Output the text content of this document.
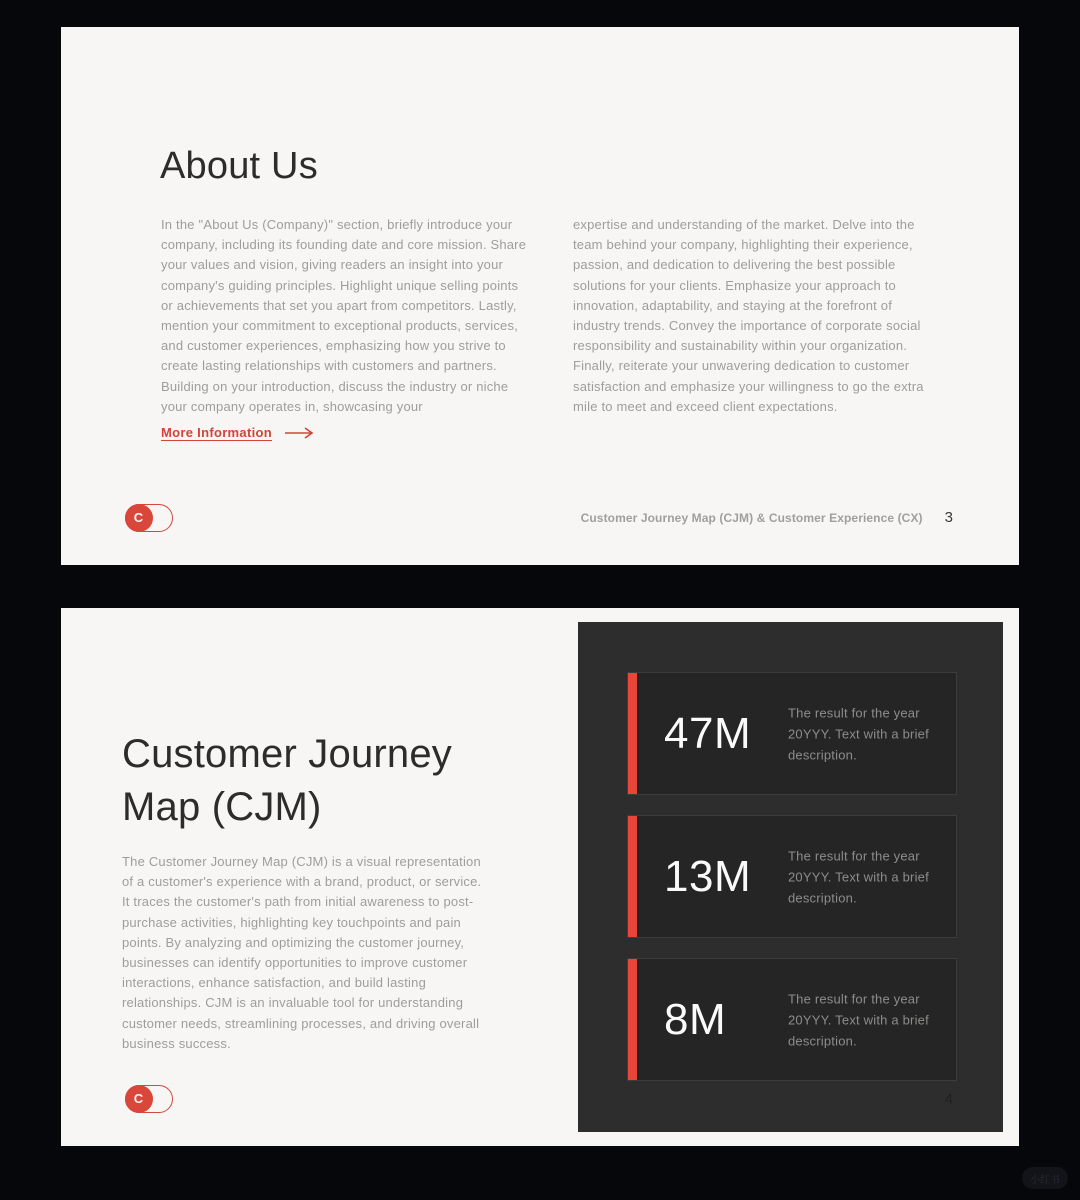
About Us

In the "About Us (Company)" section, briefly introduce your company, including its founding date and core mission. Share your values and vision, giving readers an insight into your company's guiding principles. Highlight unique selling points or achievements that set you apart from competitors. Lastly, mention your commitment to exceptional products, services, and customer experiences, emphasizing how you strive to create lasting relationships with customers and partners. Building on your introduction, discuss the industry or niche your company operates in, showcasing your

expertise and understanding of the market. Delve into the team behind your company, highlighting their experience, passion, and dedication to delivering the best possible solutions for your clients. Emphasize your approach to innovation, adaptability, and staying at the forefront of industry trends. Convey the importance of corporate social responsibility and sustainability within your organization. Finally, reiterate your unwavering dedication to customer satisfaction and emphasize your willingness to go the extra mile to meet and exceed client expectations.

More Information
C	Customer Journey Map (CJM) & Customer Experience (CX) 3
Customer Journey
Map (CJM)

The Customer Journey Map (CJM) is a visual representation of a customer's experience with a brand, product, or service. It traces the customer's path from initial awareness to post-purchase activities, highlighting key touchpoints and pain points. By analyzing and optimizing the customer journey, businesses can identify opportunities to improve customer interactions, enhance satisfaction, and build lasting relationships. CJM is an invaluable tool for understanding customer needs, streamlining processes, and driving overall business success.

C
47M	The result for the year 20YYY. Text with a brief description.
13M	The result for the year 20YYY. Text with a brief description.
8M	The result for the year 20YYY. Text with a brief description.
4
小红书
